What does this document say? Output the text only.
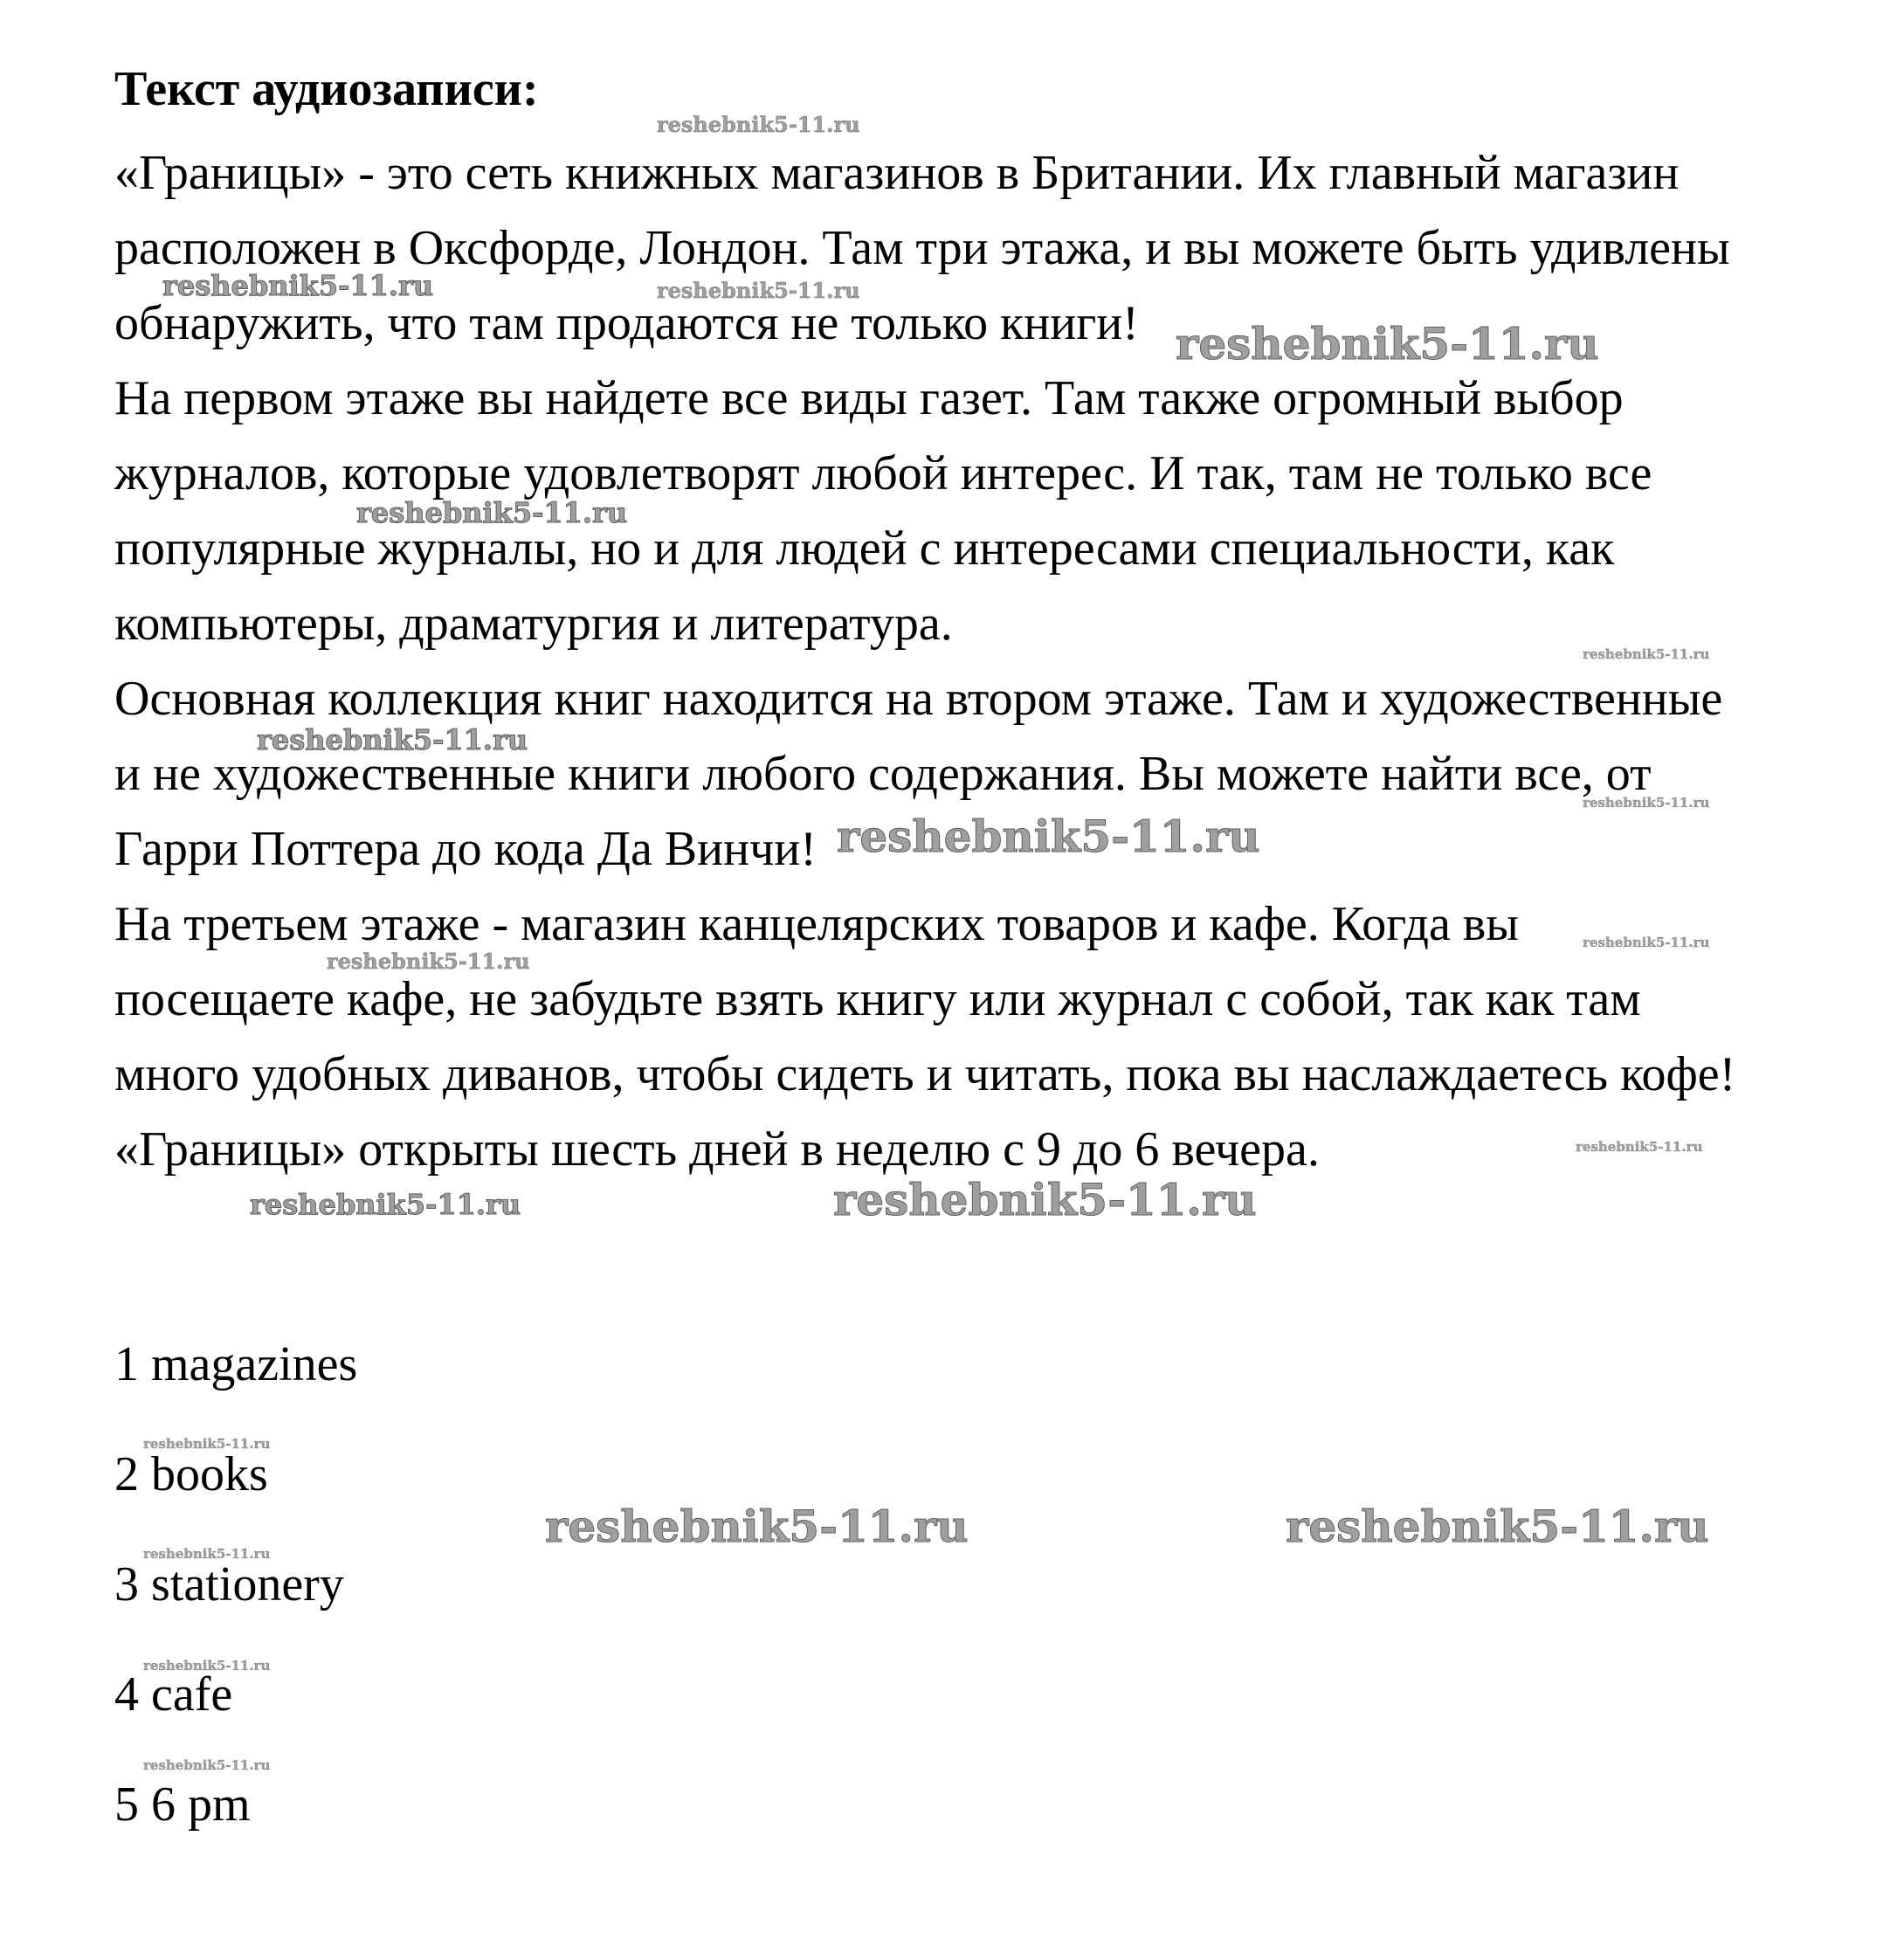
Текст аудиозаписи:
«Границы» - это сеть книжных магазинов в Британии. Их главный магазин
расположен в Оксфорде, Лондон. Там три этажа, и вы можете быть удивлены
обнаружить, что там продаются не только книги!
На первом этаже вы найдете все виды газет. Там также огромный выбор
журналов, которые удовлетворят любой интерес. И так, там не только все
популярные журналы, но и для людей с интересами специальности, как
компьютеры, драматургия и литература.
Основная коллекция книг находится на втором этаже. Там и художественные
и не художественные книги любого содержания. Вы можете найти все, от
Гарри Поттера до кода Да Винчи!
На третьем этаже - магазин канцелярских товаров и кафе. Когда вы
посещаете кафе, не забудьте взять книгу или журнал с собой, так как там
много удобных диванов, чтобы сидеть и читать, пока вы наслаждаетесь кофе!
«Границы» открыты шесть дней в неделю с 9 до 6 вечера.
1 magazines
2 books
3 stationery
4 cafe
5 6 pm
reshebnik5-11.ru
reshebnik5-11.ru	reshebnik5-11.ru
reshebnik5-11.ru
reshebnik5-11.ru
reshebnik5-11.ru
reshebnik5-11.ru
reshebnik5-11.ru
reshebnik5-11.ru
reshebnik5-11.ru
reshebnik5-11.ru
reshebnik5-11.ru
reshebnik5-11.ru	reshebnik5-11.ru
reshebnik5-11.ru
reshebnik5-11.ru	reshebnik5-11.ru
reshebnik5-11.ru
reshebnik5-11.ru
reshebnik5-11.ru
